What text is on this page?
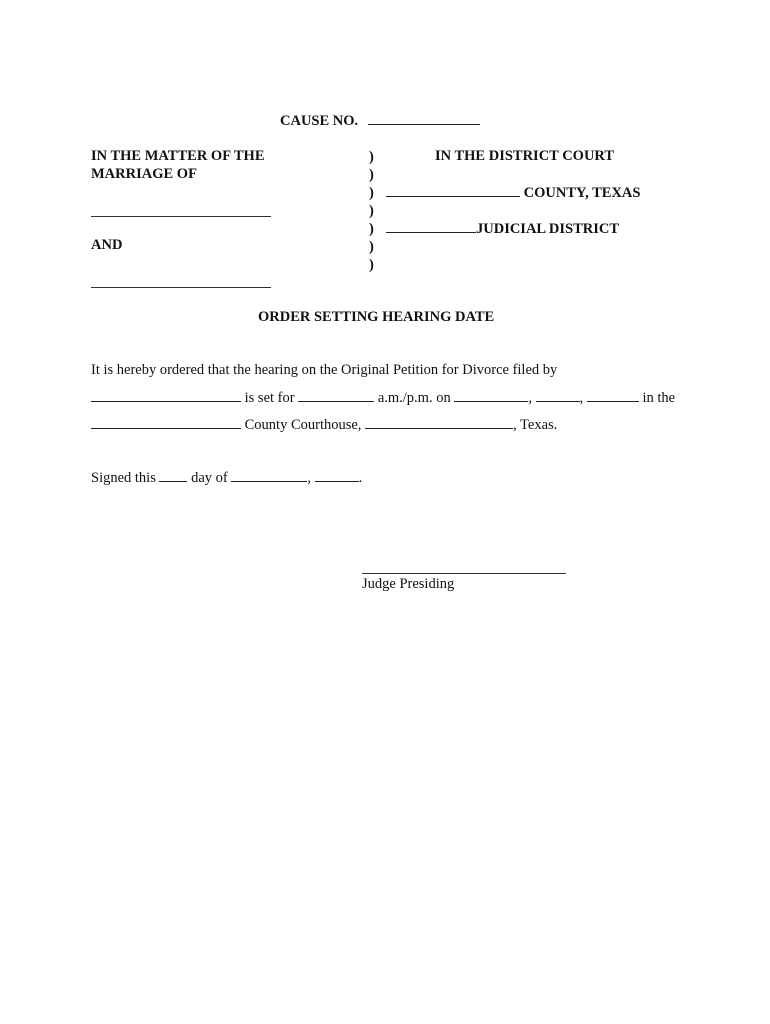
CAUSE NO.
IN THE MATTER OF THE
MARRIAGE OF
AND
)
)
)
)
)
)
)
IN THE DISTRICT COURT
COUNTY, TEXAS
JUDICIAL DISTRICT
ORDER SETTING HEARING DATE
It is hereby ordered that the hearing on the Original Petition for Divorce filed by
is set for	a.m./p.m. on	,	,	in the
County Courthouse,	, Texas.
Signed this day of	,	.
Judge Presiding
